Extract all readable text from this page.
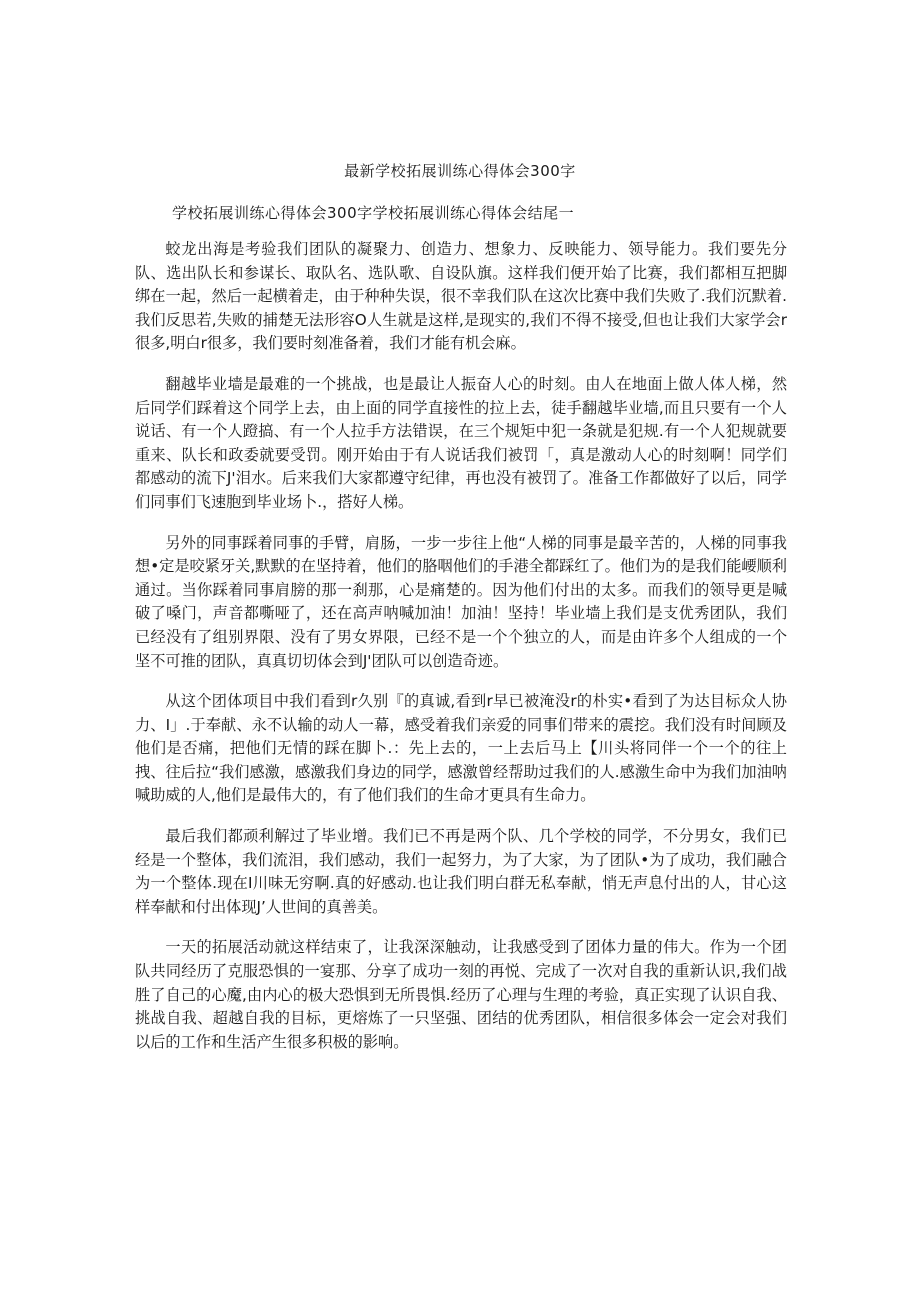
最新学校拓展训练心得体会300字

学校拓展训练心得体会300字学校拓展训练心得体会结尾一

蛟龙出海是考验我们团队的凝聚力、创造力、想象力、反映能力、领导能力。我们要先分队、选出队长和参谋长、取队名、选队歌、自设队旗。这样我们便开始了比赛，我们都相互把脚绑在一起，然后一起横着走，由于种种失误，很不幸我们队在这次比赛中我们失败了.我们沉默着.我们反思若,失败的捕楚无法形容O人生就是这样,是现实的,我们不得不接受,但也让我们大家学会r很多,明白r很多，我们要时刻准备着，我们才能有机会麻。

翻越毕业墙是最难的一个挑战，也是最让人振奋人心的时刻。由人在地面上做人体人梯，然后同学们踩着这个同学上去，由上面的同学直接性的拉上去，徒手翻越毕业墙,而且只要有一个人说话、有一个人蹬搞、有一个人拉手方法错误，在三个规矩中犯一条就是犯规.有一个人犯规就要重来、队长和政委就要受罚。刚开始由于有人说话我们被罚「，真是激动人心的时刻啊！同学们都感动的流下J'泪水。后来我们大家都遵守纪律，再也没有被罚了。准备工作都做好了以后，同学们同事们飞速胞到毕业场卜.，搭好人梯。

另外的同事踩着同事的手臂，肩肠，一步一步往上他“人梯的同事是最辛苦的，人梯的同事我想•定是咬紧牙关,默默的在坚持着，他们的胳咽他们的手港全都踩红了。他们为的是我们能崾顺利通过。当你踩着同事肩膀的那一刹那，心是痛楚的。因为他们付出的太多。而我们的领导更是喊破了嗓门，声音都嘶哑了，还在高声呐喊加油！加油！坚持！毕业墙上我们是支优秀团队，我们已经没有了组别界限、没有了男女界限，已经不是一个个独立的人，而是由许多个人组成的一个坚不可推的团队，真真切切体会到J'团队可以创造奇迹。

从这个团体项目中我们看到r久别『的真诚,看到r早已被淹没r的朴实•看到了为达目标众人协力、I」.于奉献、永不认输的动人一幕，感受着我们亲爱的同事们带来的震挖。我们没有时间顾及他们是否痛，把他们无情的踩在脚卜.：先上去的，一上去后马上【川头将同伴一个一个的往上拽、往后拉“我们感激，感激我们身边的同学，感激曾经帮助过我们的人.感激生命中为我们加油呐喊助威的人,他们是最伟大的，有了他们我们的生命才更具有生命力。

最后我们都顽利解过了毕业增。我们已不再是两个队、几个学校的同学，不分男女，我们已经是一个整体，我们流泪，我们感动，我们一起努力，为了大家，为了团队•为了成功，我们融合为一个整体.现在I川味无穷啊.真的好感动.也让我们明白群无私奉献，悄无声息付出的人，甘心这样奉献和付出体现J’人世间的真善美。

一天的拓展活动就这样结束了，让我深深触动，让我感受到了团体力量的伟大。作为一个团队共同经历了克服恐惧的一宴那、分享了成功一刻的再悦、完成了一次对自我的重新认识,我们战胜了自己的心魔,由内心的极大恐惧到无所畏惧.经历了心理与生理的考验，真正实现了认识自我、挑战自我、超越自我的目标，更熔炼了一只坚强、团结的优秀团队，相信很多体会一定会对我们以后的工作和生活产生很多积极的影响。
